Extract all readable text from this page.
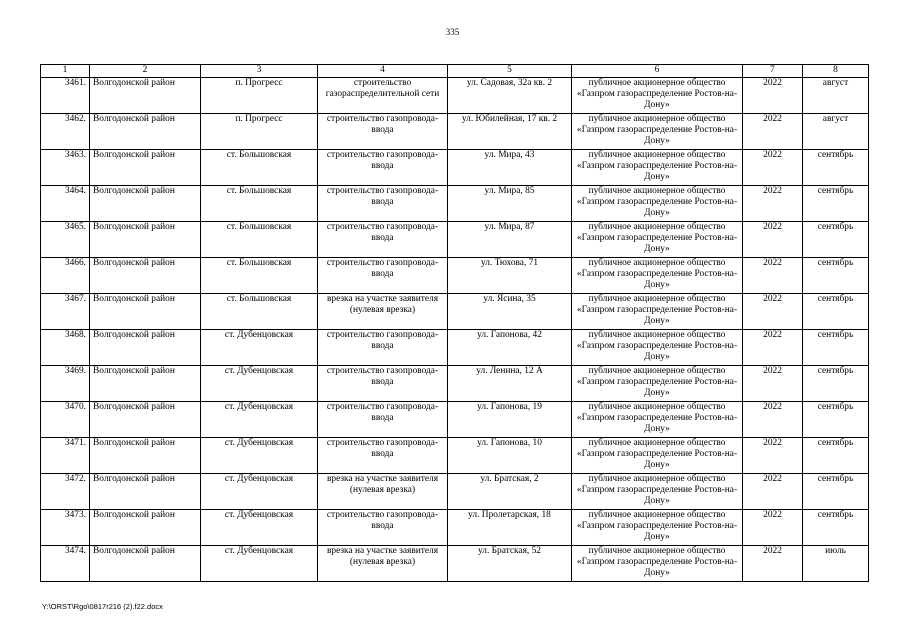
335
1	2	3	4	5	6	7	8
3461.	Волгодонской район	п. Прогресс	строительство газораспределительной сети	ул. Садовая, 32а кв. 2	публичное акционерное общество «Газпром газораспределение Ростов-на-Дону»	2022	август
3462.	Волгодонской район	п. Прогресс	строительство газопровода-ввода	ул. Юбилейная, 17 кв. 2	публичное акционерное общество «Газпром газораспределение Ростов-на-Дону»	2022	август
3463.	Волгодонской район	ст. Большовская	строительство газопровода-ввода	ул. Мира, 43	публичное акционерное общество «Газпром газораспределение Ростов-на-Дону»	2022	сентябрь
3464.	Волгодонской район	ст. Большовская	строительство газопровода-ввода	ул. Мира, 85	публичное акционерное общество «Газпром газораспределение Ростов-на-Дону»	2022	сентябрь
3465.	Волгодонской район	ст. Большовская	строительство газопровода-ввода	ул. Мира, 87	публичное акционерное общество «Газпром газораспределение Ростов-на-Дону»	2022	сентябрь
3466.	Волгодонской район	ст. Большовская	строительство газопровода-ввода	ул. Тюхова, 71	публичное акционерное общество «Газпром газораспределение Ростов-на-Дону»	2022	сентябрь
3467.	Волгодонской район	ст. Большовская	врезка на участке заявителя (нулевая врезка)	ул. Ясина, 35	публичное акционерное общество «Газпром газораспределение Ростов-на-Дону»	2022	сентябрь
3468.	Волгодонской район	ст. Дубенцовская	строительство газопровода-ввода	ул. Гапонова, 42	публичное акционерное общество «Газпром газораспределение Ростов-на-Дону»	2022	сентябрь
3469.	Волгодонской район	ст. Дубенцовская	строительство газопровода-ввода	ул. Ленина, 12 А	публичное акционерное общество «Газпром газораспределение Ростов-на-Дону»	2022	сентябрь
3470.	Волгодонской район	ст. Дубенцовская	строительство газопровода-ввода	ул. Гапонова, 19	публичное акционерное общество «Газпром газораспределение Ростов-на-Дону»	2022	сентябрь
3471.	Волгодонской район	ст. Дубенцовская	строительство газопровода-ввода	ул. Гапонова, 10	публичное акционерное общество «Газпром газораспределение Ростов-на-Дону»	2022	сентябрь
3472.	Волгодонской район	ст. Дубенцовская	врезка на участке заявителя (нулевая врезка)	ул. Братская, 2	публичное акционерное общество «Газпром газораспределение Ростов-на-Дону»	2022	сентябрь
3473.	Волгодонской район	ст. Дубенцовская	строительство газопровода-ввода	ул. Пролетарская, 18	публичное акционерное общество «Газпром газораспределение Ростов-на-Дону»	2022	сентябрь
3474.	Волгодонской район	ст. Дубенцовская	врезка на участке заявителя (нулевая врезка)	ул. Братская, 52	публичное акционерное общество «Газпром газораспределение Ростов-на-Дону»	2022	июль
Y:\ORST\Rgo\0817r216 (2).f22.docx
